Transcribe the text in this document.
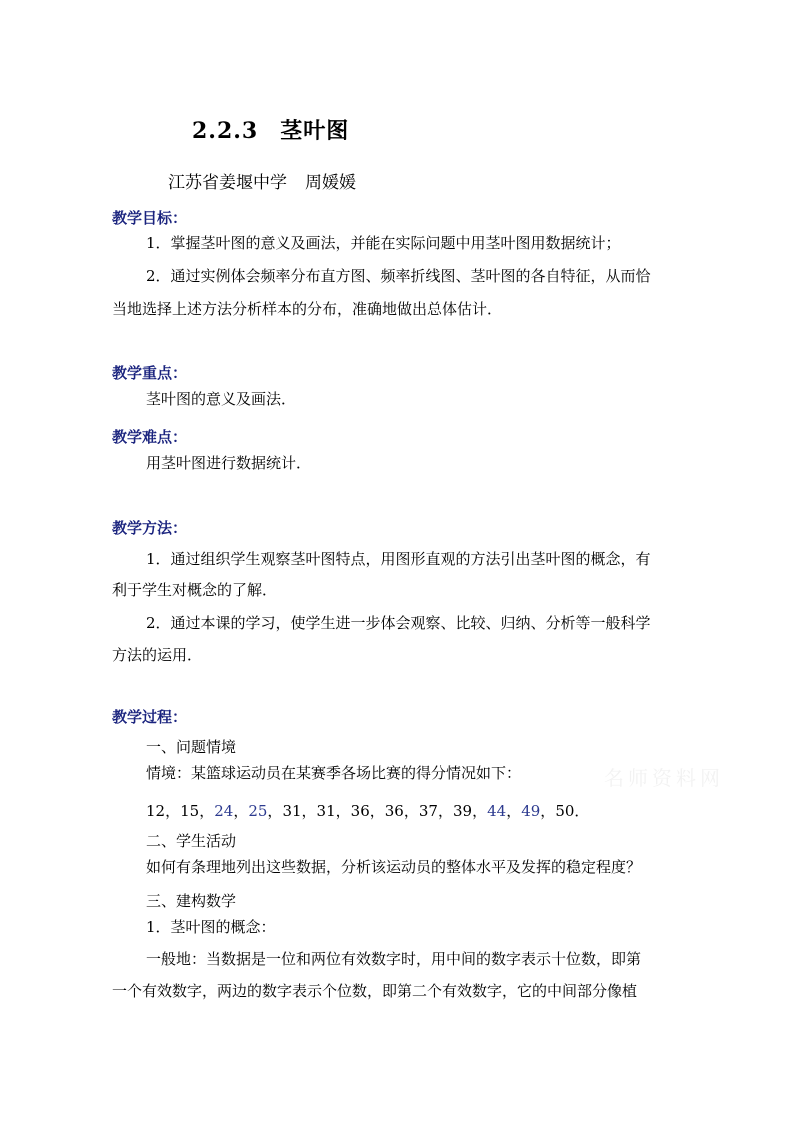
2.2.3 茎叶图
江苏省姜堰中学 周媛媛
教学目标：
1．掌握茎叶图的意义及画法，并能在实际问题中用茎叶图用数据统计；
2．通过实例体会频率分布直方图、频率折线图、茎叶图的各自特征，从而恰
当地选择上述方法分析样本的分布，准确地做出总体估计．
教学重点：
茎叶图的意义及画法．
教学难点：
用茎叶图进行数据统计．
教学方法：
1．通过组织学生观察茎叶图特点，用图形直观的方法引出茎叶图的概念，有
利于学生对概念的了解．
2．通过本课的学习，使学生进一步体会观察、比较、归纳、分析等一般科学
方法的运用．
教学过程：
一、问题情境
情境：某篮球运动员在某赛季各场比赛的得分情况如下：
12，15，24，25，31，31，36，36，37，39，44，49，50．
二、学生活动
如何有条理地列出这些数据，分析该运动员的整体水平及发挥的稳定程度？
三、建构数学
1．茎叶图的概念：
一般地：当数据是一位和两位有效数字时，用中间的数字表示十位数，即第
一个有效数字，两边的数字表示个位数，即第二个有效数字，它的中间部分像植
名师资料网
